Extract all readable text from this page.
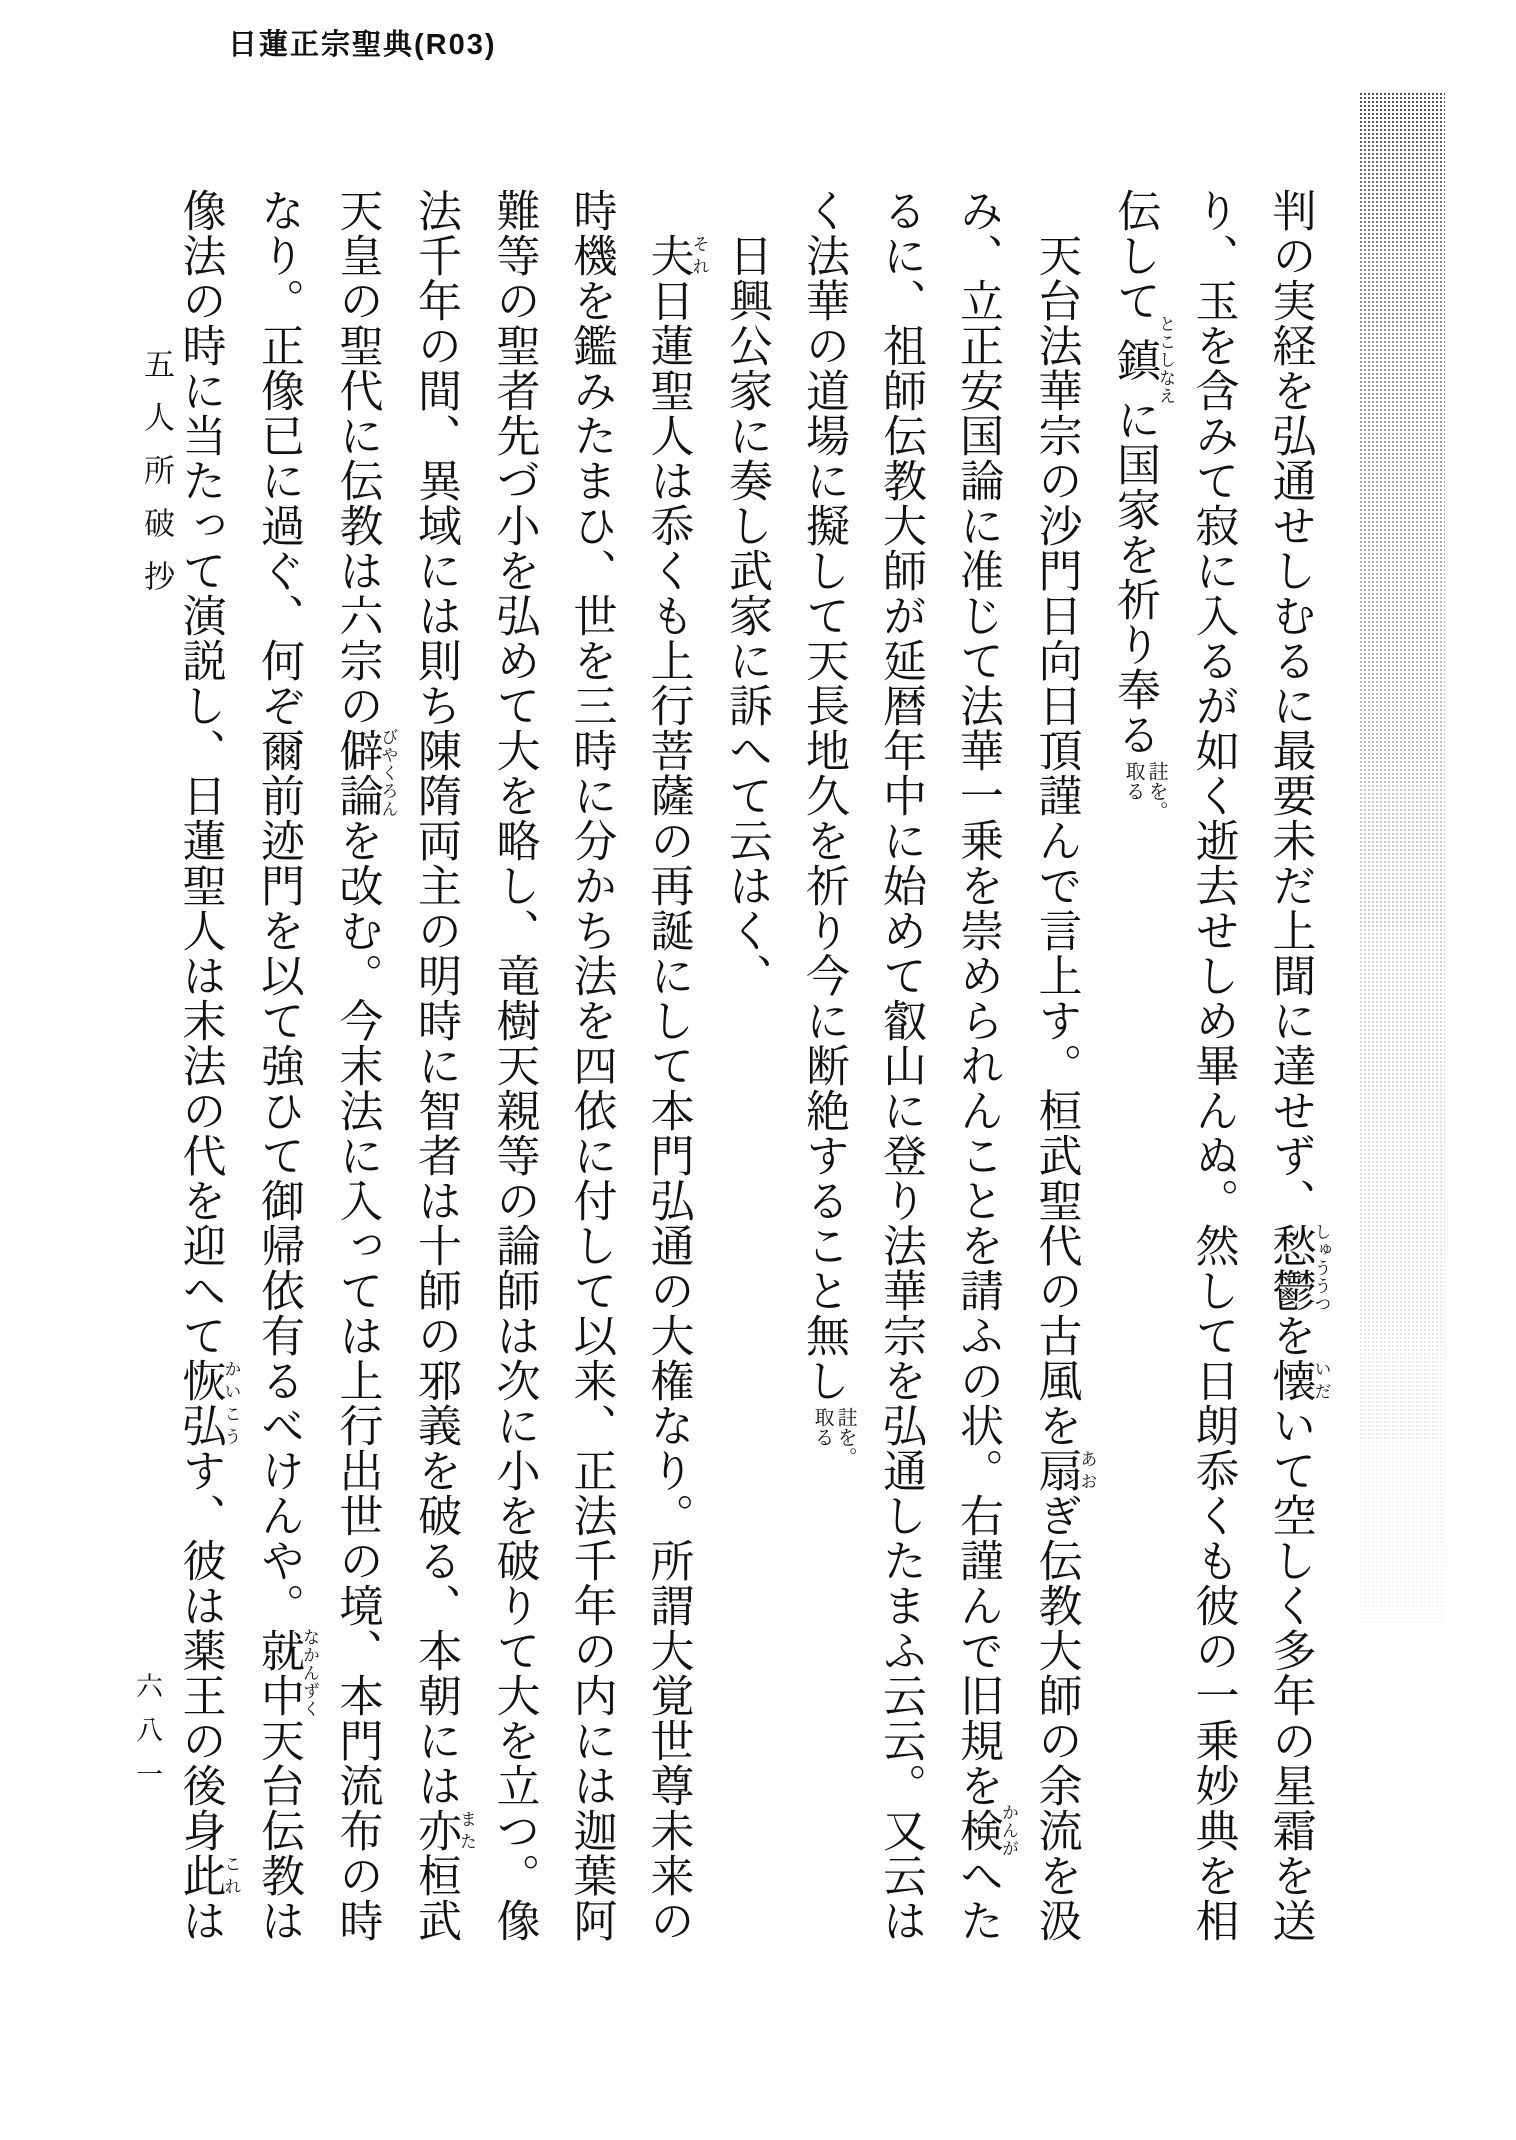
日蓮正宗聖典(R03)
五人所破抄	判の実経を弘通せしむるに最要未だ上聞に達せず、愁鬱しゅううつを懐いだいて空しく多年の星霜を送
り、玉を含みて寂に入るが如く逝去せしめ畢んぬ。然して日朗忝くも彼の一乗妙典を相
伝して鎮とこしなえに国家を祈り奉る
註を。
取る
　天台法華宗の沙門日向日頂謹んで言上す。桓武聖代の古風を扇あおぎ伝教大師の余流を汲
み、立正安国論に准じて法華一乗を崇められんことを請ふの状。右謹んで旧規を検かんがへた
るに、祖師伝教大師が延暦年中に始めて叡山に登り法華宗を弘通したまふ云云。又云は
く法華の道場に擬して天長地久を祈り今に断絶すること無し
註を。
取る
　日興公家に奏し武家に訴へて云はく、
　夫それ日蓮聖人は忝くも上行菩薩の再誕にして本門弘通の大権なり。所謂大覚世尊未来の
時機を鑑みたまひ、世を三時に分かち法を四依に付して以来、正法千年の内には迦葉阿
難等の聖者先づ小を弘めて大を略し、竜樹天親等の論師は次に小を破りて大を立つ。像
法千年の間、異域には則ち陳隋両主の明時に智者は十師の邪義を破る、本朝には亦また桓武
天皇の聖代に伝教は六宗の僻論びやくろんを改む。今末法に入っては上行出世の境、本門流布の時
なり。正像已に過ぐ、何ぞ爾前迹門を以て強ひて御帰依有るべけんや。就中なかんずく天台伝教は
像法の時に当たって演説し、日蓮聖人は末法の代を迎へて恢弘かいこうす、彼は薬王の後身此これは
六八一
